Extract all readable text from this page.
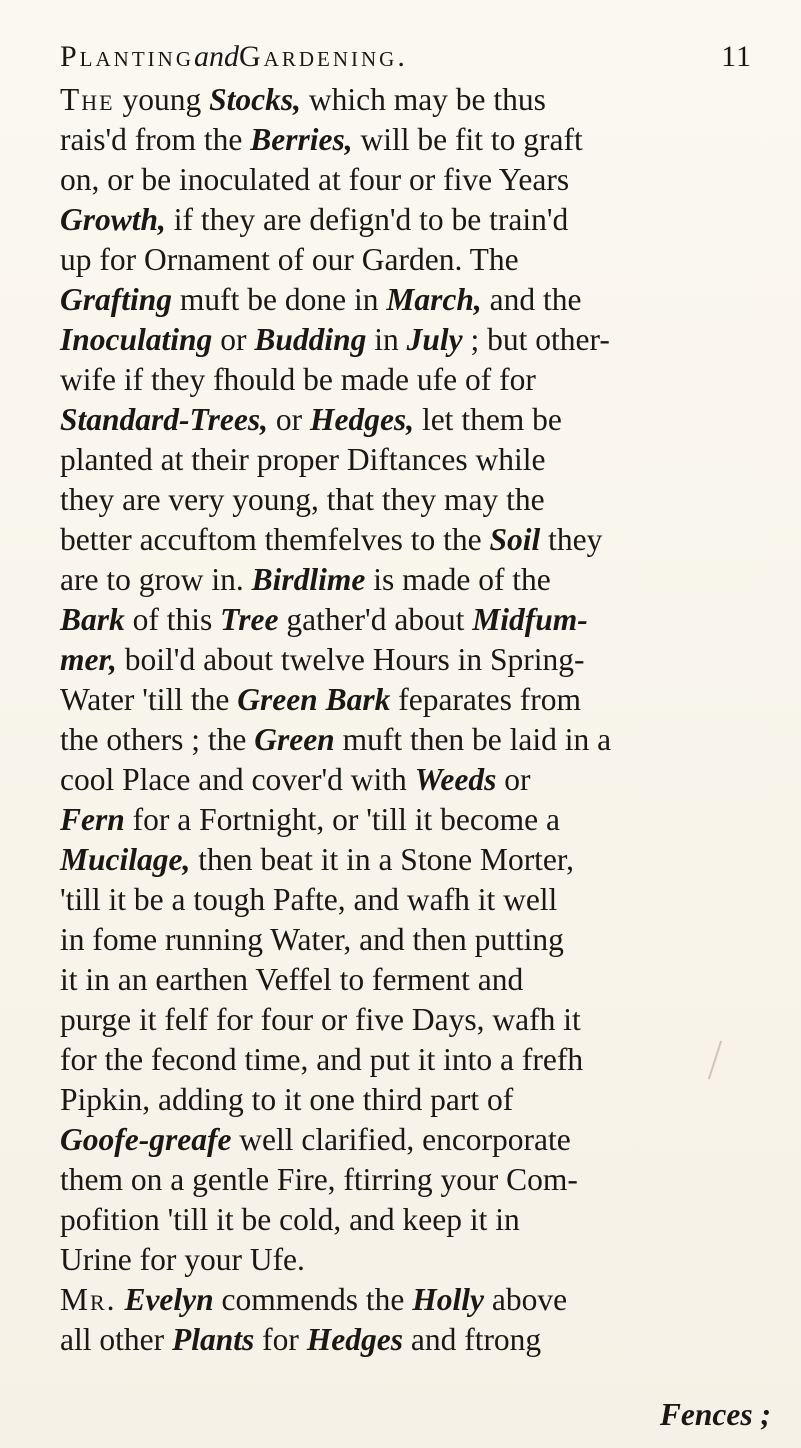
PlantingandGardening.	11
The young Stocks, which may be thus
rais'd from the Berries, will be fit to graft
on, or be inoculated at four or five Years
Growth, if they are defign'd to be train'd
up for Ornament of our Garden. The
Grafting muft be done in March, and the
Inoculating or Budding in July ; but other-
wife if they fhould be made ufe of for
Standard-Trees, or Hedges, let them be
planted at their proper Diftances while
they are very young, that they may the
better accuftom themfelves to the Soil they
are to grow in. Birdlime is made of the
Bark of this Tree gather'd about Midfum-
mer, boil'd about twelve Hours in Spring-
Water 'till the Green Bark feparates from
the others ; the Green muft then be laid in a
cool Place and cover'd with Weeds or
Fern for a Fortnight, or 'till it become a
Mucilage, then beat it in a Stone Morter,
'till it be a tough Pafte, and wafh it well
in fome running Water, and then putting
it in an earthen Veffel to ferment and
purge it felf for four or five Days, wafh it
for the fecond time, and put it into a frefh
Pipkin, adding to it one third part of
Goofe-greafe well clarified, encorporate
them on a gentle Fire, ftirring your Com-
pofition 'till it be cold, and keep it in
Urine for your Ufe.
Mr. Evelyn commends the Holly above
all other Plants for Hedges and ftrong
Fences ;
